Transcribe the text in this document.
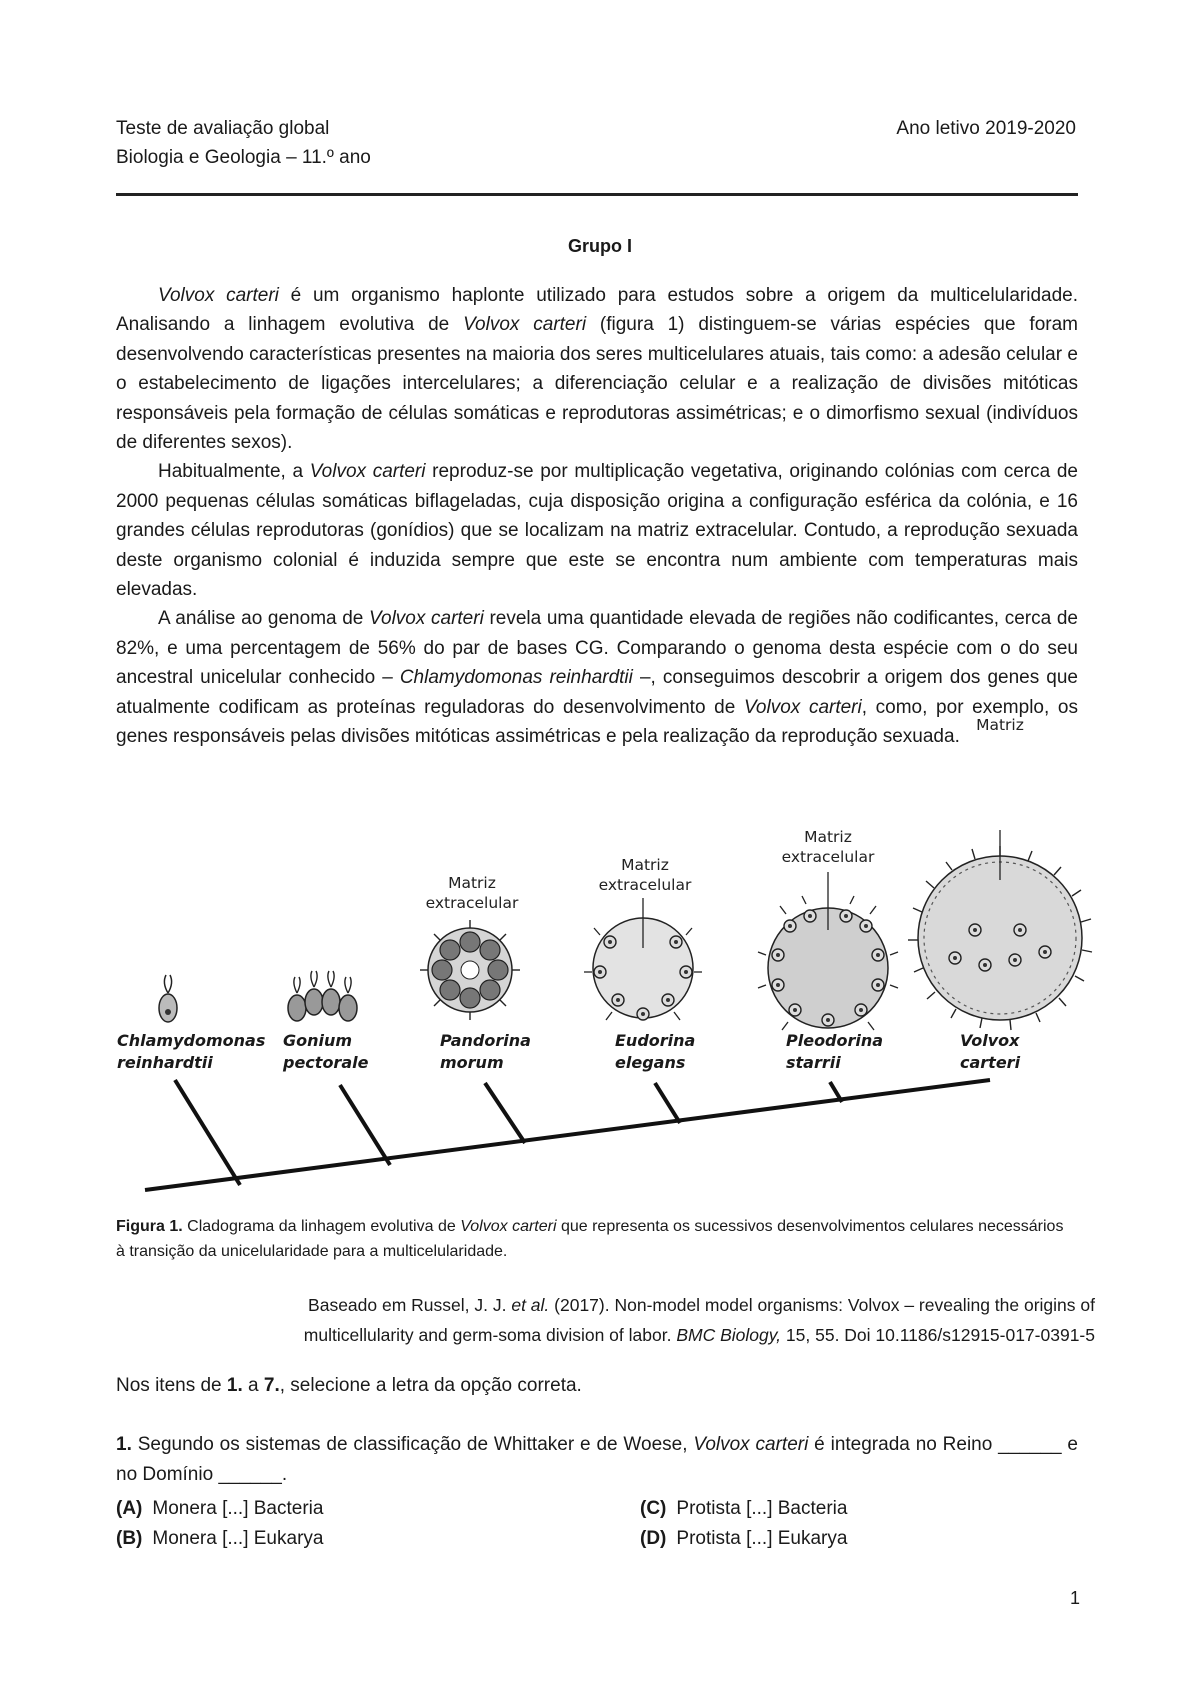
Teste de avaliação global
Biologia e Geologia – 11.º ano
Ano letivo 2019-2020
Grupo I

Volvox carteri é um organismo haplonte utilizado para estudos sobre a origem da multicelularidade. Analisando a linhagem evolutiva de Volvox carteri (figura 1) distinguem-se várias espécies que foram desenvolvendo características presentes na maioria dos seres multicelulares atuais, tais como: a adesão celular e o estabelecimento de ligações intercelulares; a diferenciação celular e a realização de divisões mitóticas responsáveis pela formação de células somáticas e reprodutoras assimétricas; e o dimorfismo sexual (indivíduos de diferentes sexos).

Habitualmente, a Volvox carteri reproduz-se por multiplicação vegetativa, originando colónias com cerca de 2000 pequenas células somáticas biflageladas, cuja disposição origina a configuração esférica da colónia, e 16 grandes células reprodutoras (gonídios) que se localizam na matriz extracelular. Contudo, a reprodução sexuada deste organismo colonial é induzida sempre que este se encontra num ambiente com temperaturas mais elevadas.

A análise ao genoma de Volvox carteri revela uma quantidade elevada de regiões não codificantes, cerca de 82%, e uma percentagem de 56% do par de bases CG. Comparando o genoma desta espécie com o do seu ancestral unicelular conhecido – Chlamydomonas reinhardtii –, conseguimos descobrir a origem dos genes que atualmente codificam as proteínas reguladoras do desenvolvimento de Volvox carteri, como, por exemplo, os genes responsáveis pelas divisões mitóticas assimétricas e pela realização da reprodução sexuada.

Chlamydomonas
reinhardtii
Gonium
pectorale
Pandorina
morum
Eudorina
elegans
Pleodorina
starrii
Volvox
carteri
Matriz
extracelular
Matriz
extracelular
Matriz
extracelular
Matriz

Figura 1. Cladograma da linhagem evolutiva de Volvox carteri que representa os sucessivos desenvolvimentos celulares necessários à transição da unicelularidade para a multicelularidade.

Baseado em Russel, J. J. et al. (2017). Non-model model organisms: Volvox – revealing the origins of
multicellularity and germ-soma division of labor. BMC Biology, 15, 55. Doi 10.1186/s12915-017-0391-5

Nos itens de 1. a 7., selecione a letra da opção correta.

1. Segundo os sistemas de classificação de Whittaker e de Woese, Volvox carteri é integrada no Reino ______ e no Domínio ______.

(A) Monera [...] Bacteria
(B) Monera [...] Eukarya
(C) Protista [...] Bacteria
(D) Protista [...] Eukarya
1
